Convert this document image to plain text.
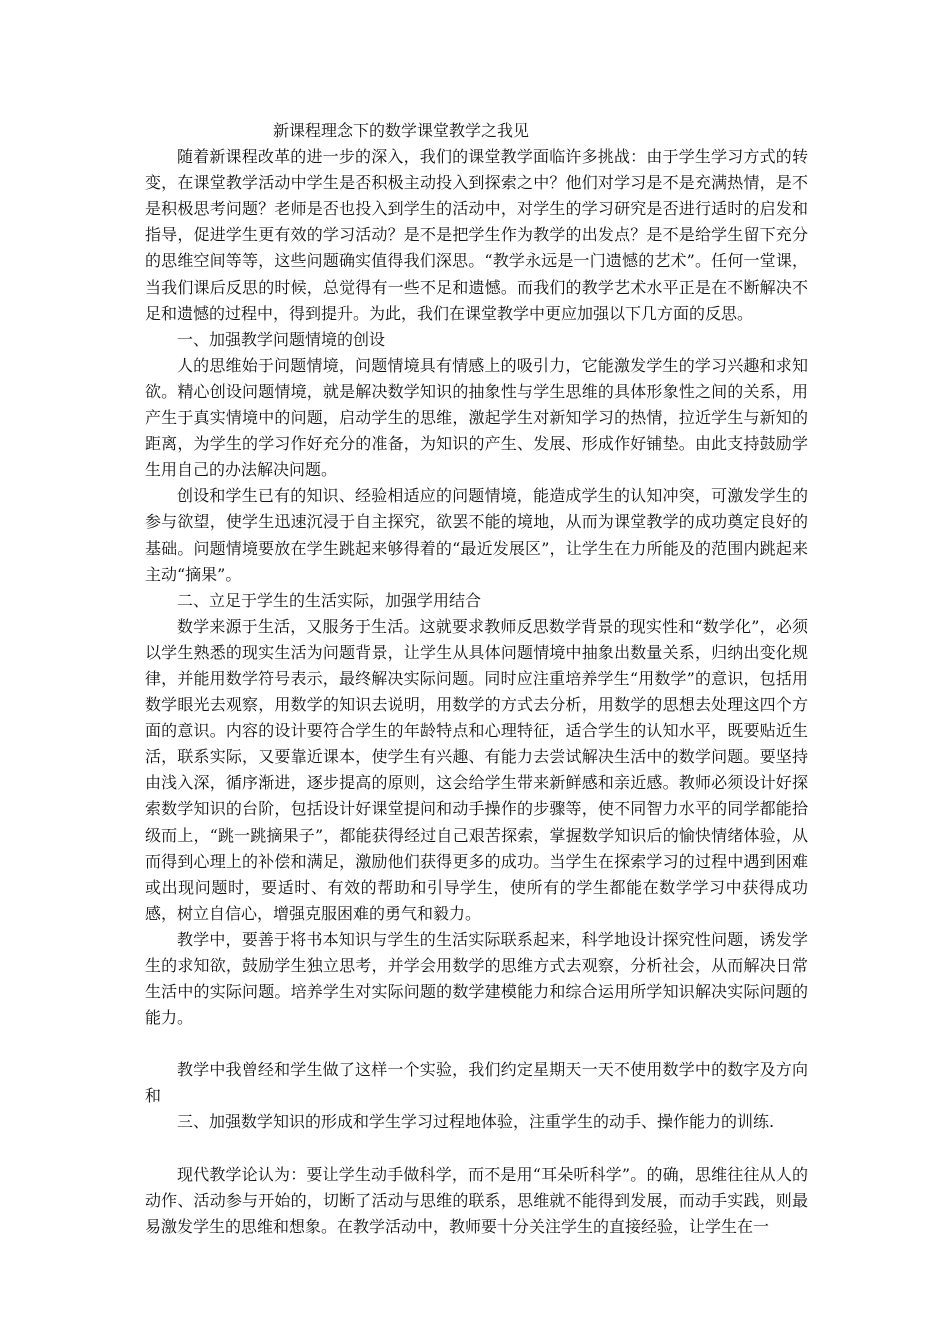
新课程理念下的数学课堂教学之我见

随着新课程改革的进一步的深入，我们的课堂教学面临许多挑战：由于学生学习方式的转变，在课堂教学活动中学生是否积极主动投入到探索之中？他们对学习是不是充满热情，是不是积极思考问题？老师是否也投入到学生的活动中，对学生的学习研究是否进行适时的启发和指导，促进学生更有效的学习活动？是不是把学生作为教学的出发点？是不是给学生留下充分的思维空间等等，这些问题确实值得我们深思。“教学永远是一门遗憾的艺术”。任何一堂课，当我们课后反思的时候，总觉得有一些不足和遗憾。而我们的教学艺术水平正是在不断解决不足和遗憾的过程中，得到提升。为此，我们在课堂教学中更应加强以下几方面的反思。

一、加强教学问题情境的创设

人的思维始于问题情境，问题情境具有情感上的吸引力，它能激发学生的学习兴趣和求知欲。精心创设问题情境，就是解决数学知识的抽象性与学生思维的具体形象性之间的关系，用产生于真实情境中的问题，启动学生的思维，激起学生对新知学习的热情，拉近学生与新知的距离，为学生的学习作好充分的准备，为知识的产生、发展、形成作好铺垫。由此支持鼓励学生用自己的办法解决问题。

创设和学生已有的知识、经验相适应的问题情境，能造成学生的认知冲突，可激发学生的参与欲望，使学生迅速沉浸于自主探究，欲罢不能的境地，从而为课堂教学的成功奠定良好的基础。问题情境要放在学生跳起来够得着的“最近发展区”，让学生在力所能及的范围内跳起来主动“摘果”。

二、立足于学生的生活实际，加强学用结合

数学来源于生活，又服务于生活。这就要求教师反思数学背景的现实性和“数学化”，必须以学生熟悉的现实生活为问题背景，让学生从具体问题情境中抽象出数量关系，归纳出变化规律，并能用数学符号表示，最终解决实际问题。同时应注重培养学生“用数学”的意识，包括用数学眼光去观察，用数学的知识去说明，用数学的方式去分析，用数学的思想去处理这四个方面的意识。内容的设计要符合学生的年龄特点和心理特征，适合学生的认知水平，既要贴近生活，联系实际，又要靠近课本，使学生有兴趣、有能力去尝试解决生活中的数学问题。要坚持由浅入深，循序渐进，逐步提高的原则，这会给学生带来新鲜感和亲近感。教师必须设计好探索数学知识的台阶，包括设计好课堂提问和动手操作的步骤等，使不同智力水平的同学都能拾级而上，“跳一跳摘果子”，都能获得经过自己艰苦探索，掌握数学知识后的愉快情绪体验，从而得到心理上的补偿和满足，激励他们获得更多的成功。当学生在探索学习的过程中遇到困难或出现问题时，要适时、有效的帮助和引导学生，使所有的学生都能在数学学习中获得成功感，树立自信心，增强克服困难的勇气和毅力。

教学中，要善于将书本知识与学生的生活实际联系起来，科学地设计探究性问题，诱发学生的求知欲，鼓励学生独立思考，并学会用数学的思维方式去观察，分析社会，从而解决日常生活中的实际问题。培养学生对实际问题的数学建模能力和综合运用所学知识解决实际问题的能力。

教学中我曾经和学生做了这样一个实验，我们约定星期天一天不使用数学中的数字及方向和

三、加强数学知识的形成和学生学习过程地体验，注重学生的动手、操作能力的训练.

现代教学论认为：要让学生动手做科学，而不是用“耳朵听科学”。的确，思维往往从人的动作、活动参与开始的，切断了活动与思维的联系，思维就不能得到发展，而动手实践，则最易激发学生的思维和想象。在教学活动中，教师要十分关注学生的直接经验，让学生在一
